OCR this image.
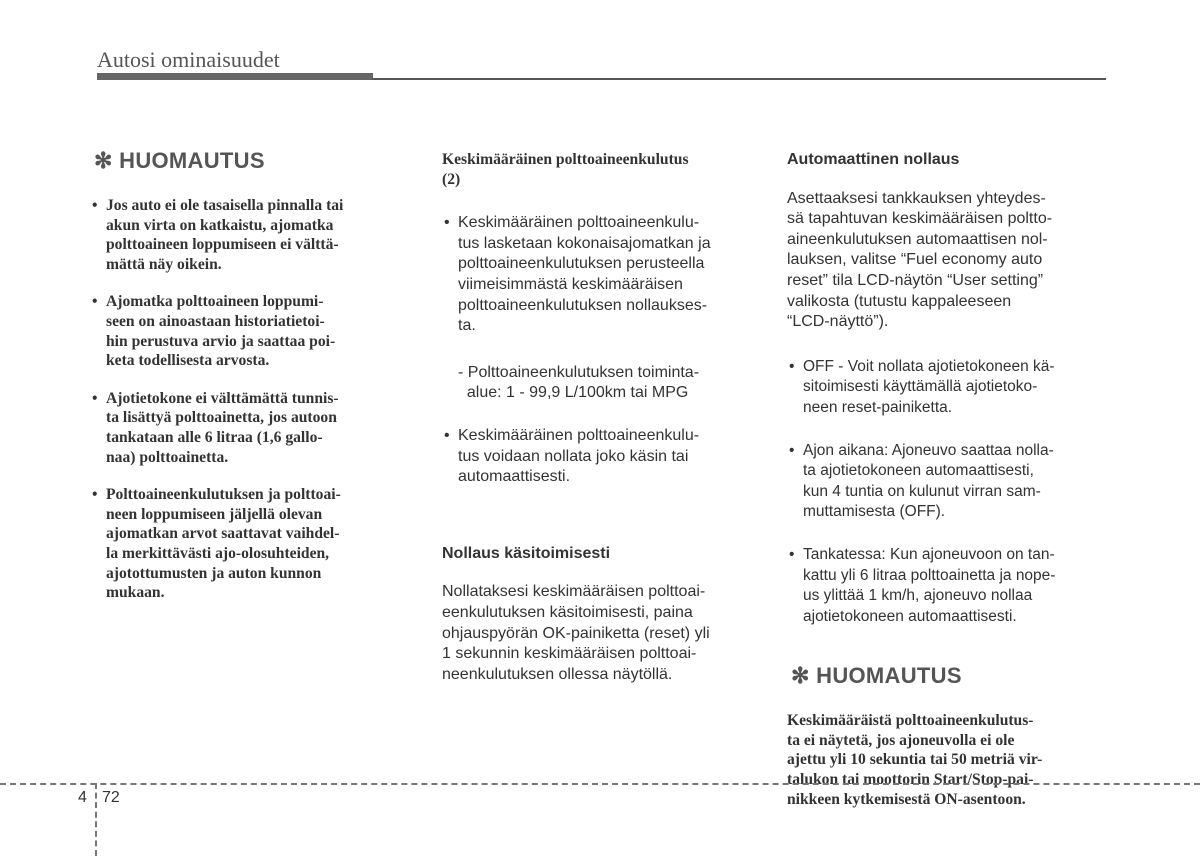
Autosi ominaisuudet

✻ HUOMAUTUS

• Jos auto ei ole tasaisella pinnalla tai
akun virta on katkaistu, ajomatka
polttoaineen loppumiseen ei välttä-
mättä näy oikein.

• Ajomatka polttoaineen loppumi-
seen on ainoastaan historiatietoi-
hin perustuva arvio ja saattaa poi-
keta todellisesta arvosta.

• Ajotietokone ei välttämättä tunnis-
ta lisättyä polttoainetta, jos autoon
tankataan alle 6 litraa (1,6 gallo-
naa) polttoainetta.

• Polttoaineenkulutuksen ja polttoai-
neen loppumiseen jäljellä olevan
ajomatkan arvot saattavat vaihdel-
la merkittävästi ajo-olosuhteiden,
ajotottumusten ja auton kunnon
mukaan.

Keskimääräinen polttoaineenkulutus
(2)

• Keskimääräinen polttoaineenkulu-
tus lasketaan kokonaisajomatkan ja
polttoaineenkulutuksen perusteella
viimeisimmästä keskimääräisen
polttoaineenkulutuksen nollaukses-
ta.

- Polttoaineenkulutuksen toiminta-
alue: 1 - 99,9 L/100km tai MPG

• Keskimääräinen polttoaineenkulu-
tus voidaan nollata joko käsin tai
automaattisesti.

Nollaus käsitoimisesti

Nollataksesi keskimääräisen polttoai-
eenkulutuksen käsitoimisesti, paina
ohjauspyörän OK-painiketta (reset) yli
1 sekunnin keskimääräisen polttoai-
neenkulutuksen ollessa näytöllä.

Automaattinen nollaus

Asettaaksesi tankkauksen yhteydes-
sä tapahtuvan keskimääräisen poltto-
aineenkulutuksen automaattisen nol-
lauksen, valitse “Fuel economy auto
reset” tila LCD-näytön “User setting”
valikosta (tutustu kappaleeseen
“LCD-näyttö”).

• OFF - Voit nollata ajotietokoneen kä-
sitoimisesti käyttämällä ajotietoko-
neen reset-painiketta.

• Ajon aikana: Ajoneuvo saattaa nolla-
ta ajotietokoneen automaattisesti,
kun 4 tuntia on kulunut virran sam-
muttamisesta (OFF).

• Tankatessa: Kun ajoneuvoon on tan-
kattu yli 6 litraa polttoainetta ja nope-
us ylittää 1 km/h, ajoneuvo nollaa
ajotietokoneen automaattisesti.

✻ HUOMAUTUS

Keskimääräistä polttoaineenkulutus-
ta ei näytetä, jos ajoneuvolla ei ole
ajettu yli 10 sekuntia tai 50 metriä vir-
talukon tai moottorin Start/Stop-pai-
nikkeen kytkemisestä ON-asentoon.

4 72
